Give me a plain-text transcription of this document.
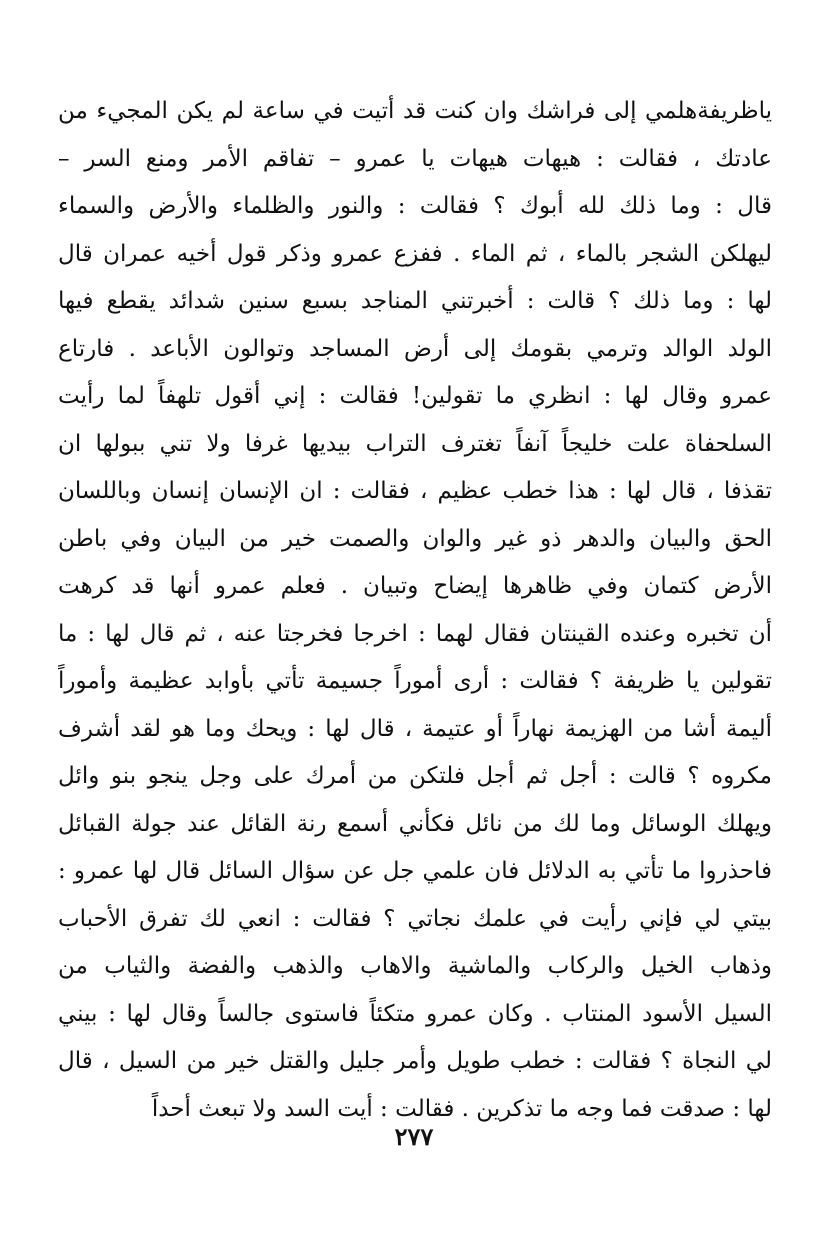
ياظريفةهلمي إلى فراشك وان كنت قد أتيت في ساعة لم يكن المجيء من
عادتك ، فقالت : هيهات هيهات يا عمرو – تفاقم الأمر ومنع السر –
قال : وما ذلك لله أبوك ؟ فقالت : والنور والظلماء والأرض والسماء
ليهلكن الشجر بالماء ، ثم الماء . ففزع عمرو وذكر قول أخيه عمران قال
لها : وما ذلك ؟ قالت : أخبرتني المناجد بسبع سنين شدائد يقطع فيها
الولد الوالد وترمي بقومك إلى أرض المساجد وتوالون الأباعد . فارتاع
عمرو وقال لها : انظري ما تقولين! فقالت : إني أقول تلهفاً لما رأيت
السلحفاة علت خليجاً آنفاً تغترف التراب بيديها غرفا ولا تني ببولها ان
تقذفا ، قال لها : هذا خطب عظيم ، فقالت : ان الإنسان إنسان وباللسان
الحق والبيان والدهر ذو غير والوان والصمت خير من البيان وفي باطن
الأرض كتمان وفي ظاهرها إيضاح وتبيان . فعلم عمرو أنها قد كرهت
أن تخبره وعنده القينتان فقال لهما : اخرجا فخرجتا عنه ، ثم قال لها : ما
تقولين يا ظريفة ؟ فقالت : أرى أموراً جسيمة تأتي بأوابد عظيمة وأموراً
أليمة أشا من الهزيمة نهاراً أو عتيمة ، قال لها : ويحك وما هو لقد أشرف
مكروه ؟ قالت : أجل ثم أجل فلتكن من أمرك على وجل ينجو بنو وائل
ويهلك الوسائل وما لك من نائل فكأني أسمع رنة القائل عند جولة القبائل
فاحذروا ما تأتي به الدلائل فان علمي جل عن سؤال السائل قال لها عمرو :
بيتي لي فإني رأيت في علمك نجاتي ؟ فقالت : انعي لك تفرق الأحباب
وذهاب الخيل والركاب والماشية والاهاب والذهب والفضة والثياب من
السيل الأسود المنتاب . وكان عمرو متكئاً فاستوى جالساً وقال لها : بيني
لي النجاة ؟ فقالت : خطب طويل وأمر جليل والقتل خير من السيل ، قال
لها : صدقت فما وجه ما تذكرين . فقالت : أيت السد ولا تبعث أحداً
٢٧٧
